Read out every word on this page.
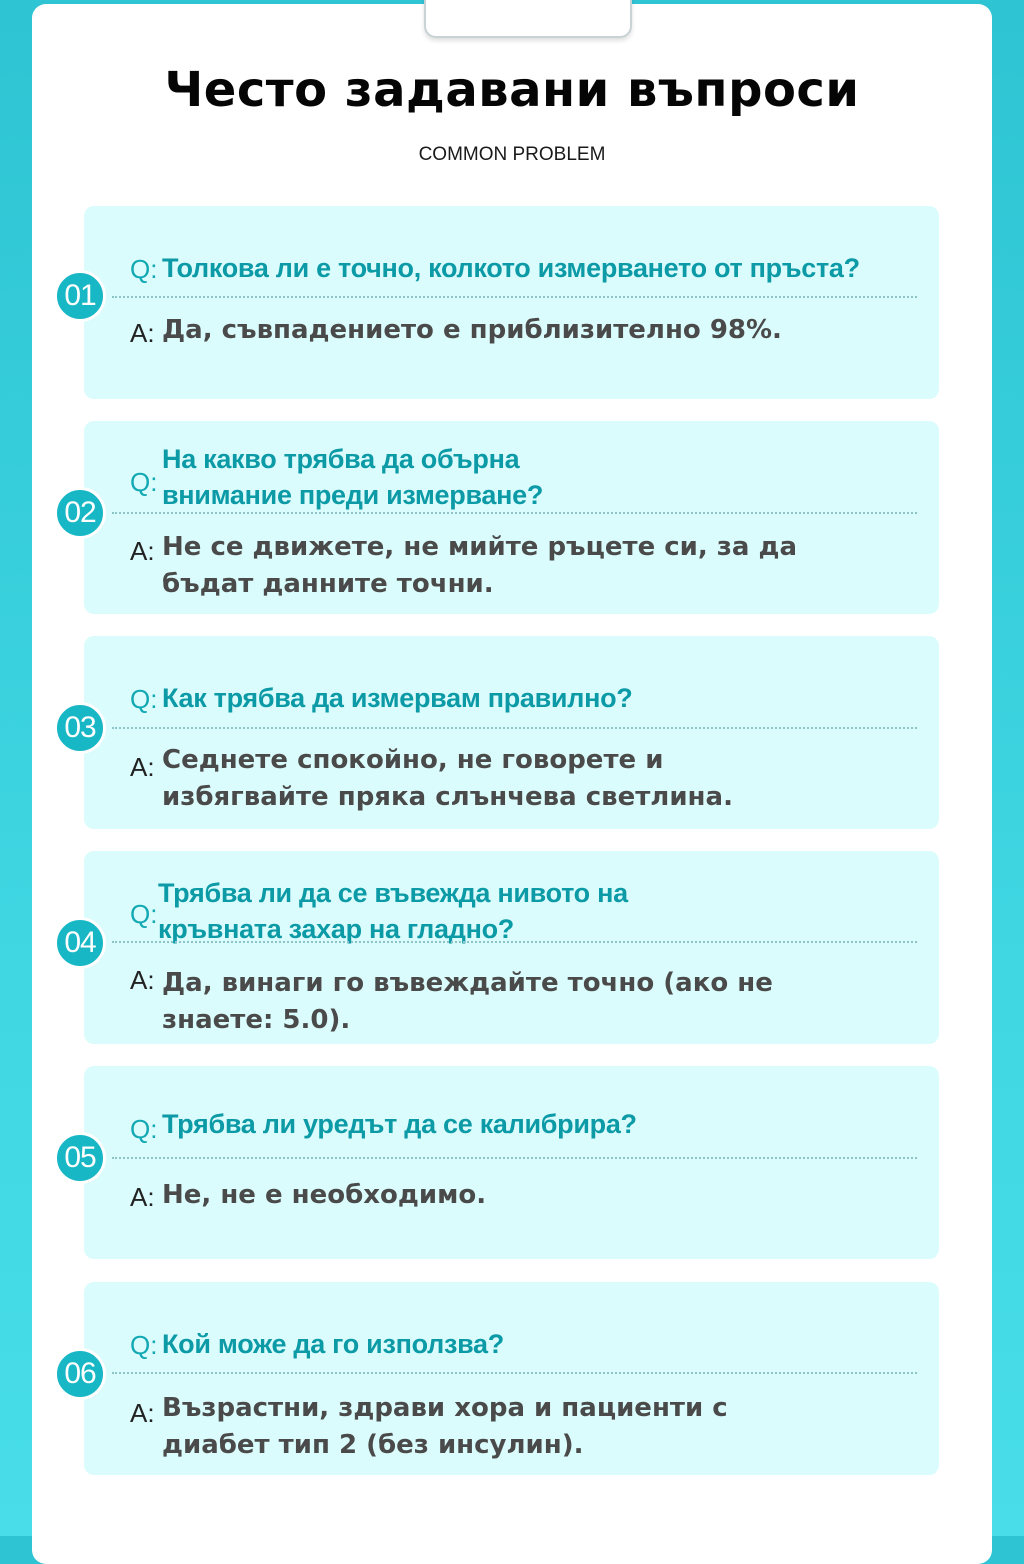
Често задавани въпроси
COMMON PROBLEM
01
Q: Толкова ли е точно, колкото измерването от пръста?
A: Да, съвпадението е приблизително 98%.
02
Q:
На какво трябва да обърна внимание преди измерване?
A: Не се движете, не мийте ръцете си, за да бъдат данните точни.
03
Q: Как трябва да измервам правилно?
A: Седнете спокойно, не говорете и избягвайте пряка слънчева светлина.
04
Q:
Трябва ли да се въвежда нивото на кръвната захар на гладно?
A: Да, винаги го въвеждайте точно (ако не знаете: 5.0).
05
Q: Трябва ли уредът да се калибрира?
A: Не, не е необходимо.
06
Q: Кой може да го използва?
A: Възрастни, здрави хора и пациенти с диабет тип 2 (без инсулин).
